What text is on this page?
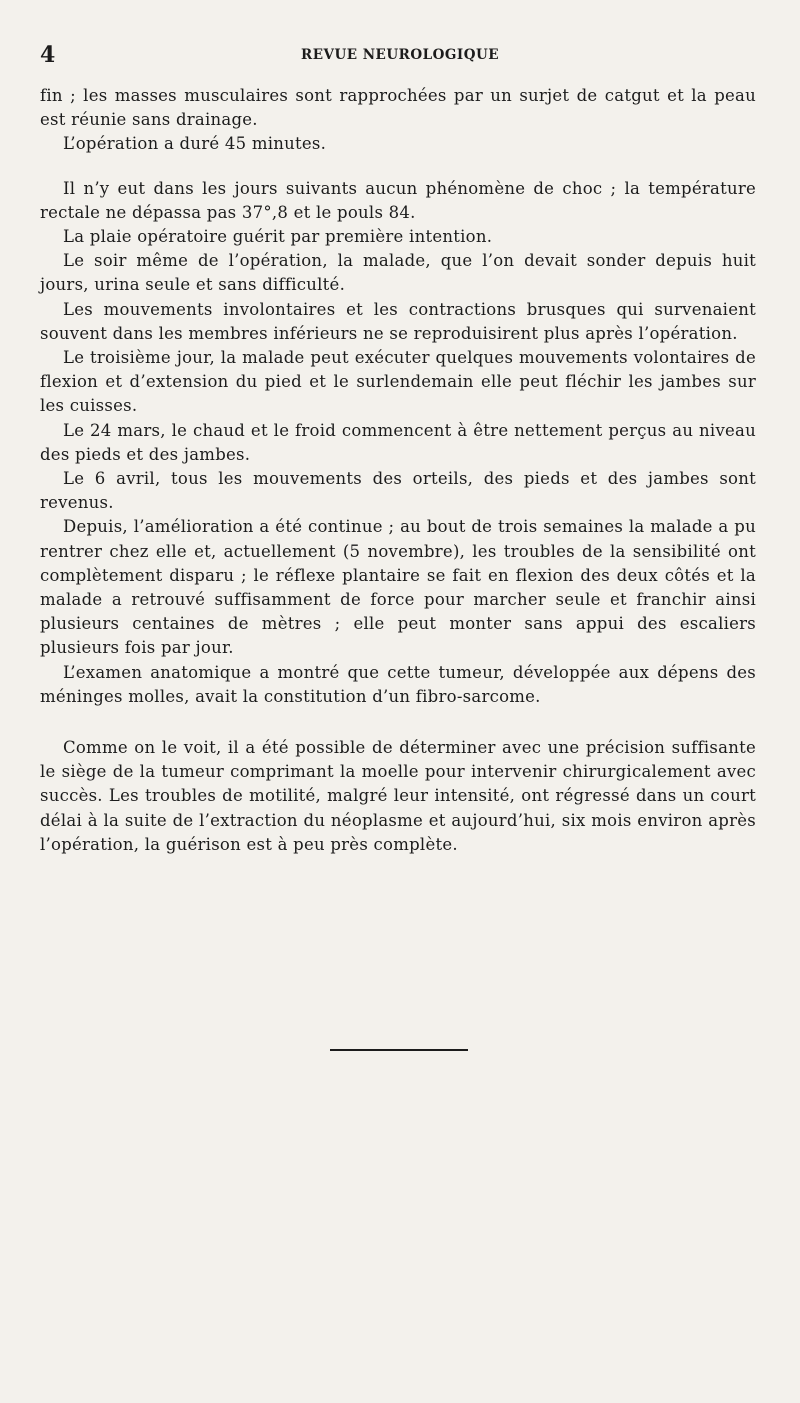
4	REVUE NEUROLOGIQUE

fin ; les masses musculaires sont rapprochées par un surjet de catgut et la peau est réunie sans drainage.

L’opération a duré 45 minutes.

Il n’y eut dans les jours suivants aucun phénomène de choc ; la température rectale ne dépassa pas 37°,8 et le pouls 84.

La plaie opératoire guérit par première intention.

Le soir même de l’opération, la malade, que l’on devait sonder depuis huit jours, urina seule et sans difficulté.

Les mouvements involontaires et les contractions brusques qui survenaient souvent dans les membres inférieurs ne se reproduisirent plus après l’opération.

Le troisième jour, la malade peut exécuter quelques mouvements volontaires de flexion et d’extension du pied et le surlendemain elle peut fléchir les jambes sur les cuisses.

Le 24 mars, le chaud et le froid commencent à être nettement perçus au niveau des pieds et des jambes.

Le 6 avril, tous les mouvements des orteils, des pieds et des jambes sont revenus.

Depuis, l’amélioration a été continue ; au bout de trois semaines la malade a pu rentrer chez elle et, actuellement (5 novembre), les troubles de la sensibilité ont complètement disparu ; le réflexe plantaire se fait en flexion des deux côtés et la malade a retrouvé suffisamment de force pour marcher seule et franchir ainsi plusieurs centaines de mètres ; elle peut monter sans appui des escaliers plusieurs fois par jour.

L’examen anatomique a montré que cette tumeur, développée aux dépens des méninges molles, avait la constitution d’un fibro-sarcome.

Comme on le voit, il a été possible de déterminer avec une précision suffisante le siège de la tumeur comprimant la moelle pour intervenir chirurgicalement avec succès. Les troubles de motilité, malgré leur intensité, ont régressé dans un court délai à la suite de l’extraction du néoplasme et aujourd’hui, six mois environ après l’opération, la guérison est à peu près complète.
